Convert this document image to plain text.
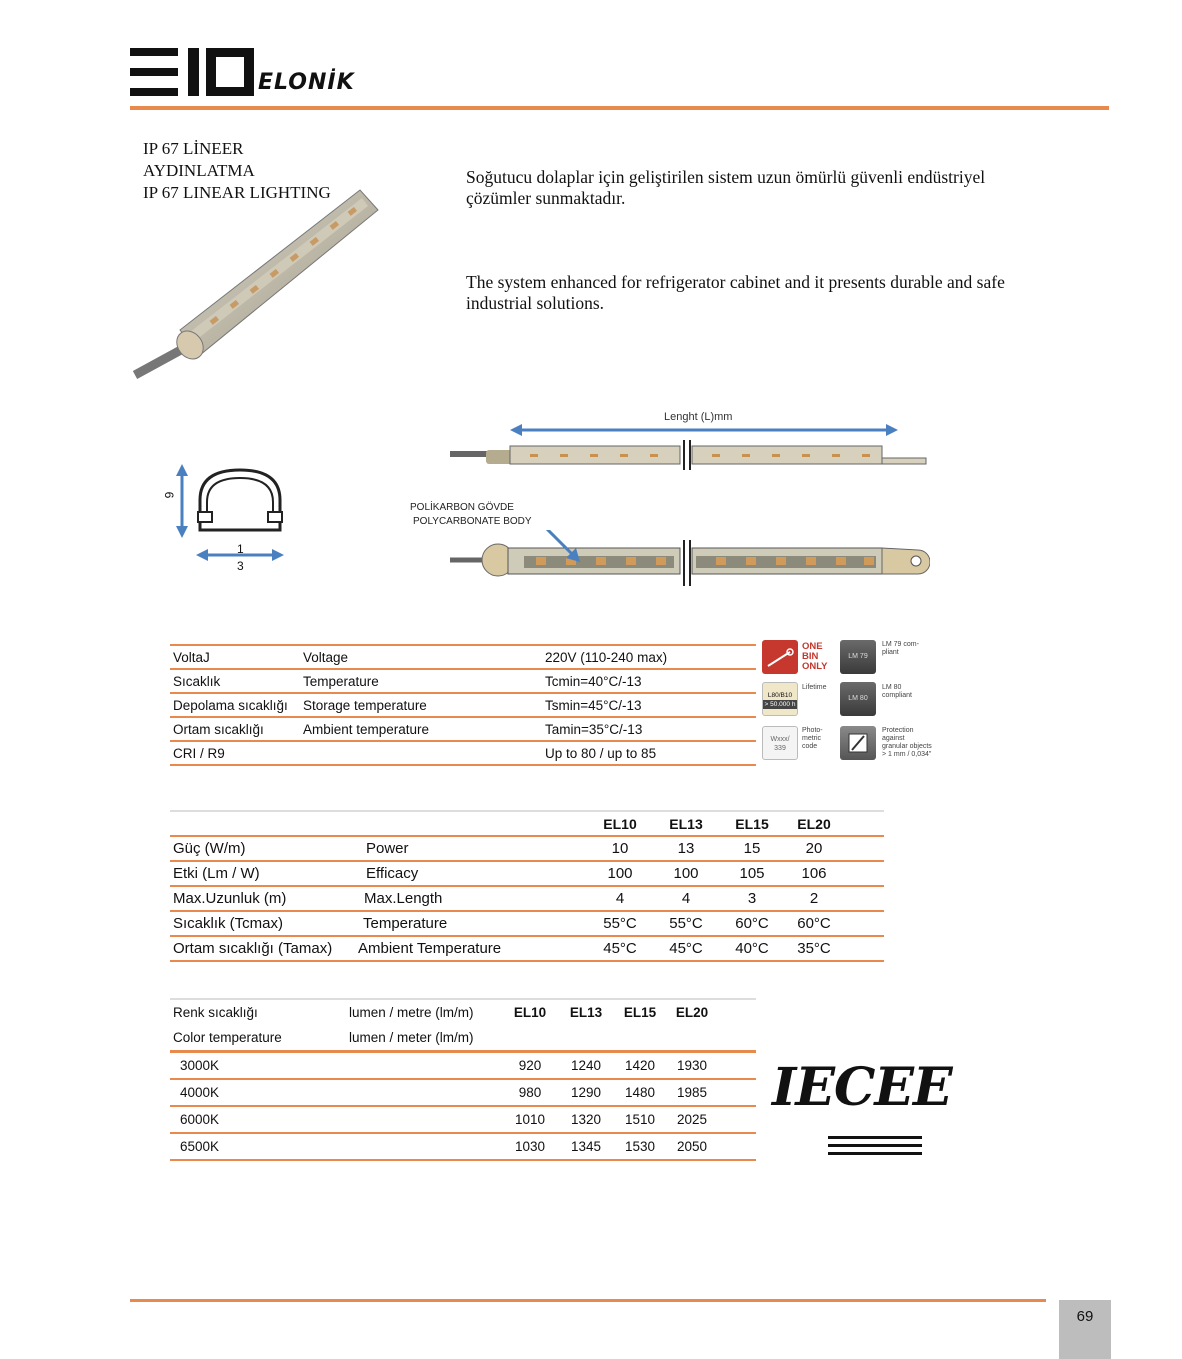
ELONİK
IP 67 LİNEER
AYDINLATMA
IP 67 LINEAR LIGHTING
Soğutucu dolaplar için geliştirilen sistem uzun ömürlü güvenli endüstriyel çözümler sunmaktadır.
The system enhanced for refrigerator cabinet and it presents durable and safe industrial solutions.
9
1
3
Lenght (L)mm
POLİKARBON GÖVDE
POLYCARBONATE BODY
VoltaJ	Voltage	220V (110-240 max)
Sıcaklık	Temperature	Tcmin=40°C/-13
Depolama sıcaklığı	Storage temperature	Tsmin=45°C/-13
Ortam sıcaklığı	Ambient temperature	Tamin=35°C/-13
CRI / R9		Up to 80 / up to 85
ONE
BIN
ONLY
L80/B10
> 50.000 h
Lifetime
Wxxx/
339
Photo-
metric
code
LM 79
LM 79 com-
pliant
LM 80
LM 80
compliant
Protection
against
granular objects
> 1 mm / 0,034"
		EL10	EL13	EL15	EL20	
Güç (W/m)	Power	10	13	15	20	
Etki (Lm / W)	Efficacy	100	100	105	106	
Max.Uzunluk (m)	Max.Length	4	4	3	2	
Sıcaklık (Tcmax)	Temperature	55°C	55°C	60°C	60°C	
Ortam sıcaklığı (Tamax)	Ambient Temperature	45°C	45°C	40°C	35°C	
Renk sıcaklığı	lumen / metre (lm/m)	EL10	EL13	EL15	EL20	
Color temperature	lumen / meter (lm/m)					
3000K		920	1240	1420	1930	
4000K		980	1290	1480	1985	
6000K		1010	1320	1510	2025	
6500K		1030	1345	1530	2050	
IECEE
69
